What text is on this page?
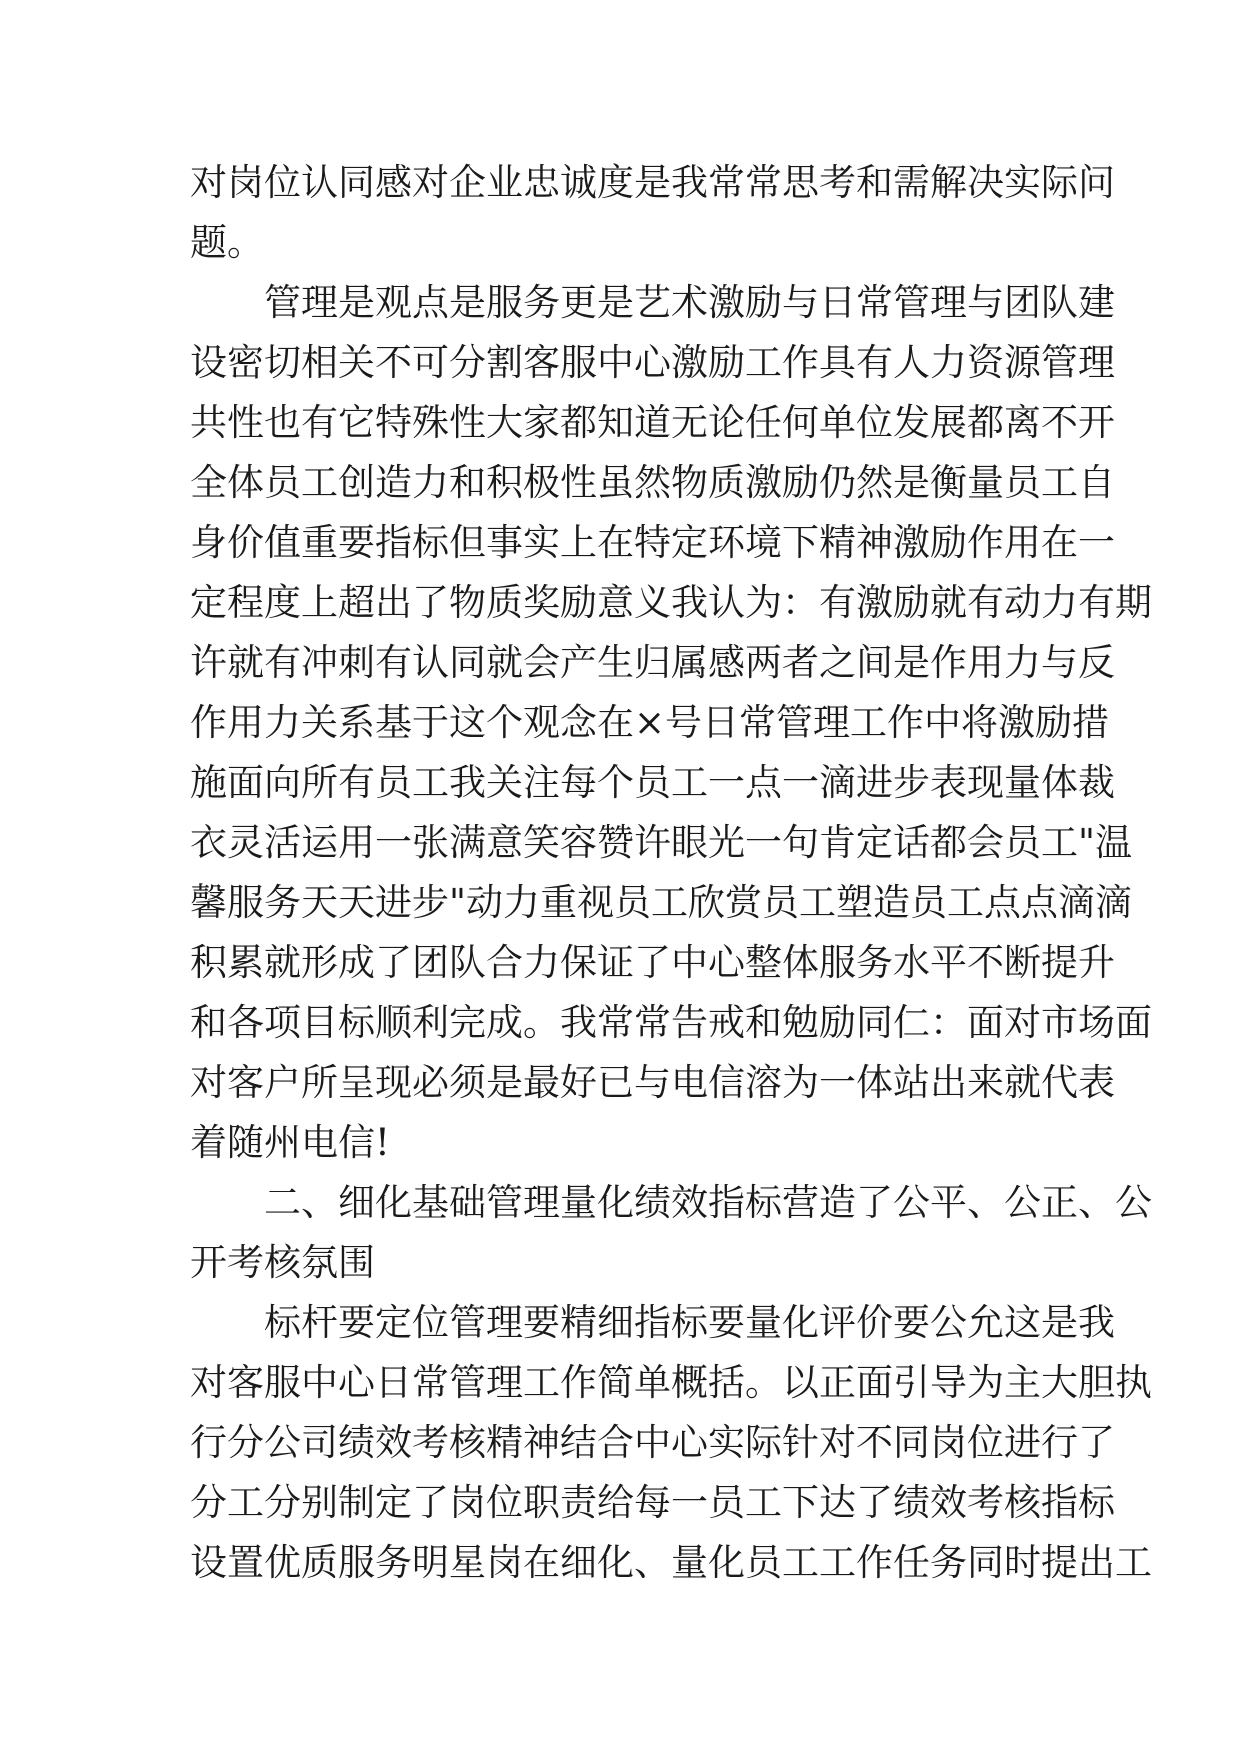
对岗位认同感对企业忠诚度是我常常思考和需解决实际问
题。
　　管理是观点是服务更是艺术激励与日常管理与团队建
设密切相关不可分割客服中心激励工作具有人力资源管理
共性也有它特殊性大家都知道无论任何单位发展都离不开
全体员工创造力和积极性虽然物质激励仍然是衡量员工自
身价值重要指标但事实上在特定环境下精神激励作用在一
定程度上超出了物质奖励意义我认为：有激励就有动力有期
许就有冲刺有认同就会产生归属感两者之间是作用力与反
作用力关系基于这个观念在×号日常管理工作中将激励措
施面向所有员工我关注每个员工一点一滴进步表现量体裁
衣灵活运用一张满意笑容赞许眼光一句肯定话都会员工"温
馨服务天天进步"动力重视员工欣赏员工塑造员工点点滴滴
积累就形成了团队合力保证了中心整体服务水平不断提升
和各项目标顺利完成。我常常告戒和勉励同仁：面对市场面
对客户所呈现必须是最好已与电信溶为一体站出来就代表
着随州电信!
　　二、细化基础管理量化绩效指标营造了公平、公正、公
开考核氛围
　　标杆要定位管理要精细指标要量化评价要公允这是我
对客服中心日常管理工作简单概括。以正面引导为主大胆执
行分公司绩效考核精神结合中心实际针对不同岗位进行了
分工分别制定了岗位职责给每一员工下达了绩效考核指标
设置优质服务明星岗在细化、量化员工工作任务同时提出工
